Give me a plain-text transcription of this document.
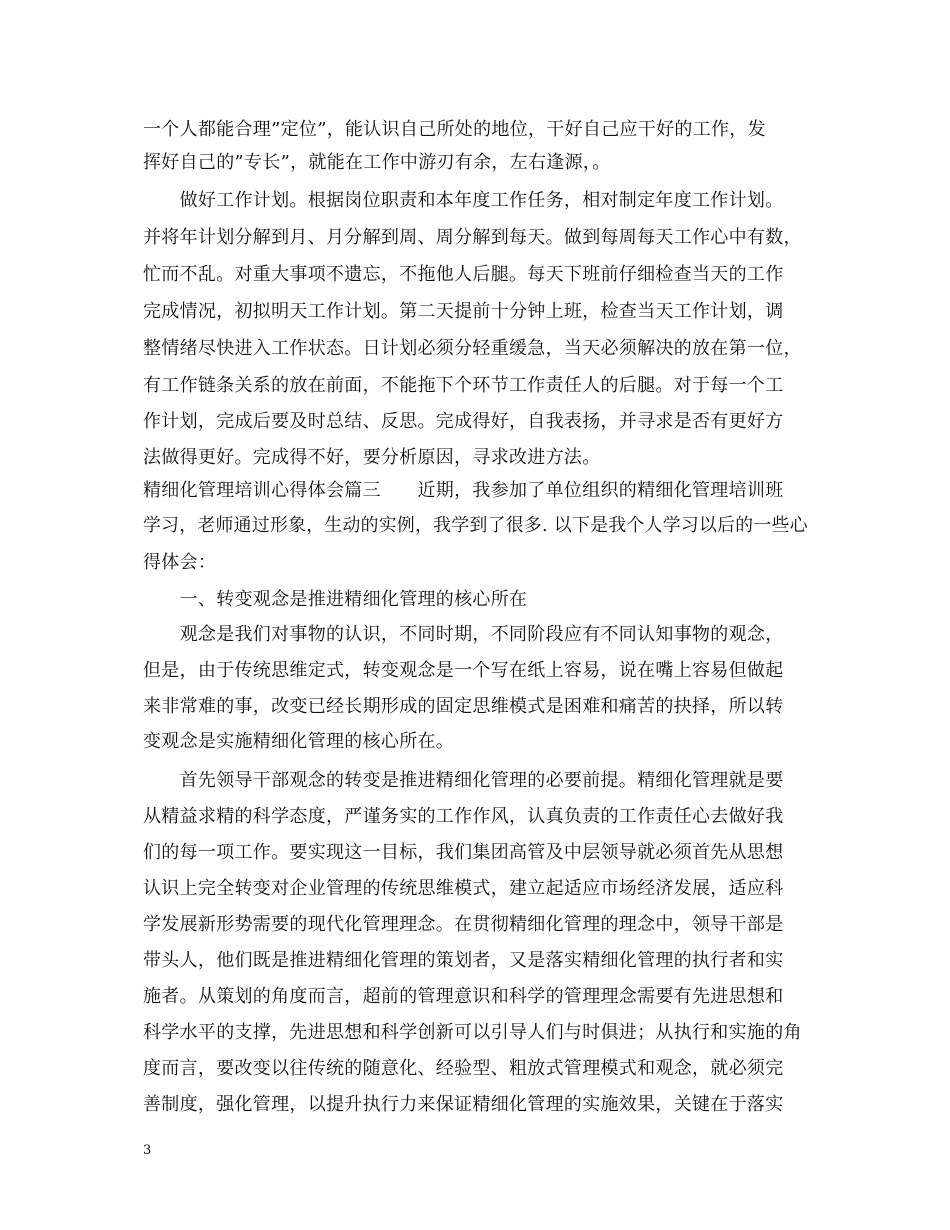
一个人都能合理”定位”，能认识自己所处的地位，干好自己应干好的工作，发
挥好自己的”专长”，就能在工作中游刃有余，左右逢源，。
　　做好工作计划。根据岗位职责和本年度工作任务，相对制定年度工作计划。
并将年计划分解到月、月分解到周、周分解到每天。做到每周每天工作心中有数，
忙而不乱。对重大事项不遗忘，不拖他人后腿。每天下班前仔细检查当天的工作
完成情况，初拟明天工作计划。第二天提前十分钟上班，检查当天工作计划，调
整情绪尽快进入工作状态。日计划必须分轻重缓急，当天必须解决的放在第一位，
有工作链条关系的放在前面，不能拖下个环节工作责任人的后腿。对于每一个工
作计划，完成后要及时总结、反思。完成得好，自我表扬，并寻求是否有更好方
法做得更好。完成得不好，要分析原因，寻求改进方法。
精细化管理培训心得体会篇三　　近期，我参加了单位组织的精细化管理培训班
学习，老师通过形象，生动的实例，我学到了很多. 以下是我个人学习以后的一些心
得体会：
　　一、转变观念是推进精细化管理的核心所在
　　观念是我们对事物的认识，不同时期，不同阶段应有不同认知事物的观念，
但是，由于传统思维定式，转变观念是一个写在纸上容易，说在嘴上容易但做起
来非常难的事，改变已经长期形成的固定思维模式是困难和痛苦的抉择，所以转
变观念是实施精细化管理的核心所在。
　　首先领导干部观念的转变是推进精细化管理的必要前提。精细化管理就是要
从精益求精的科学态度，严谨务实的工作作风，认真负责的工作责任心去做好我
们的每一项工作。要实现这一目标，我们集团高管及中层领导就必须首先从思想
认识上完全转变对企业管理的传统思维模式，建立起适应市场经济发展，适应科
学发展新形势需要的现代化管理理念。在贯彻精细化管理的理念中，领导干部是
带头人，他们既是推进精细化管理的策划者，又是落实精细化管理的执行者和实
施者。从策划的角度而言，超前的管理意识和科学的管理理念需要有先进思想和
科学水平的支撑，先进思想和科学创新可以引导人们与时俱进；从执行和实施的角
度而言，要改变以往传统的随意化、经验型、粗放式管理模式和观念，就必须完
善制度，强化管理，以提升执行力来保证精细化管理的实施效果，关键在于落实
3
